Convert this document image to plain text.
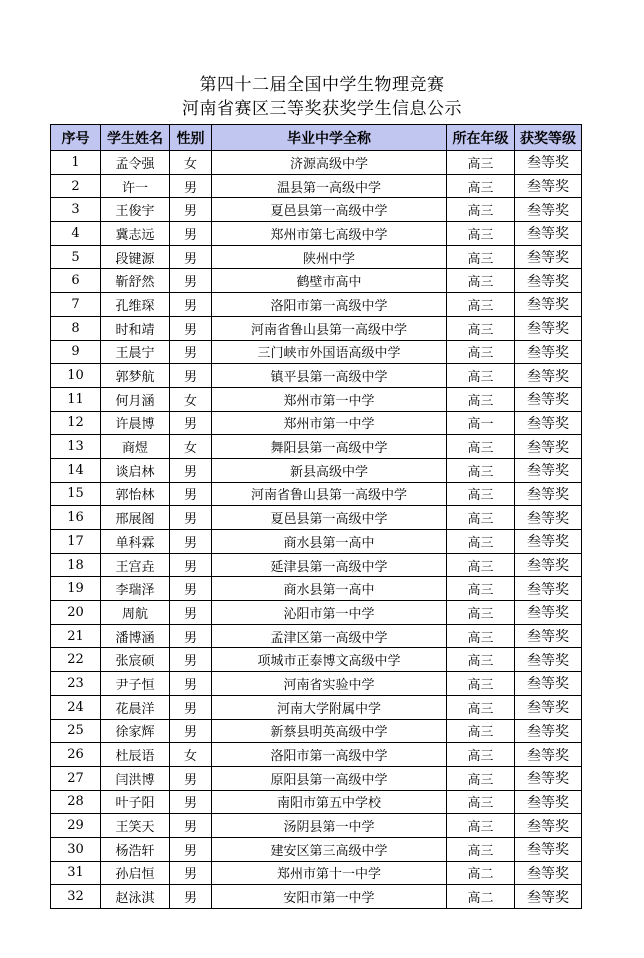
第四十二届全国中学生物理竞赛
河南省赛区三等奖获奖学生信息公示
序号	学生姓名	性别	毕业中学全称	所在年级	获奖等级
1	孟令强	女	济源高级中学	高三	叁等奖
2	许一	男	温县第一高级中学	高三	叁等奖
3	王俊宇	男	夏邑县第一高级中学	高三	叁等奖
4	冀志远	男	郑州市第七高级中学	高三	叁等奖
5	段键源	男	陕州中学	高三	叁等奖
6	靳舒然	男	鹤壁市高中	高三	叁等奖
7	孔维琛	男	洛阳市第一高级中学	高三	叁等奖
8	时和靖	男	河南省鲁山县第一高级中学	高三	叁等奖
9	王晨宁	男	三门峡市外国语高级中学	高三	叁等奖
10	郭梦航	男	镇平县第一高级中学	高三	叁等奖
11	何月涵	女	郑州市第一中学	高三	叁等奖
12	许晨博	男	郑州市第一中学	高一	叁等奖
13	商煜	女	舞阳县第一高级中学	高三	叁等奖
14	谈启林	男	新县高级中学	高三	叁等奖
15	郭怡林	男	河南省鲁山县第一高级中学	高三	叁等奖
16	邢展阁	男	夏邑县第一高级中学	高三	叁等奖
17	单科霖	男	商水县第一高中	高三	叁等奖
18	王宫垚	男	延津县第一高级中学	高三	叁等奖
19	李瑞泽	男	商水县第一高中	高三	叁等奖
20	周航	男	沁阳市第一中学	高三	叁等奖
21	潘博涵	男	孟津区第一高级中学	高三	叁等奖
22	张宸硕	男	项城市正泰博文高级中学	高三	叁等奖
23	尹子恒	男	河南省实验中学	高三	叁等奖
24	花晨洋	男	河南大学附属中学	高三	叁等奖
25	徐家辉	男	新蔡县明英高级中学	高三	叁等奖
26	杜辰语	女	洛阳市第一高级中学	高三	叁等奖
27	闫洪博	男	原阳县第一高级中学	高三	叁等奖
28	叶子阳	男	南阳市第五中学校	高三	叁等奖
29	王笑天	男	汤阴县第一中学	高三	叁等奖
30	杨浩轩	男	建安区第三高级中学	高三	叁等奖
31	孙启恒	男	郑州市第十一中学	高二	叁等奖
32	赵泳淇	男	安阳市第一中学	高二	叁等奖
